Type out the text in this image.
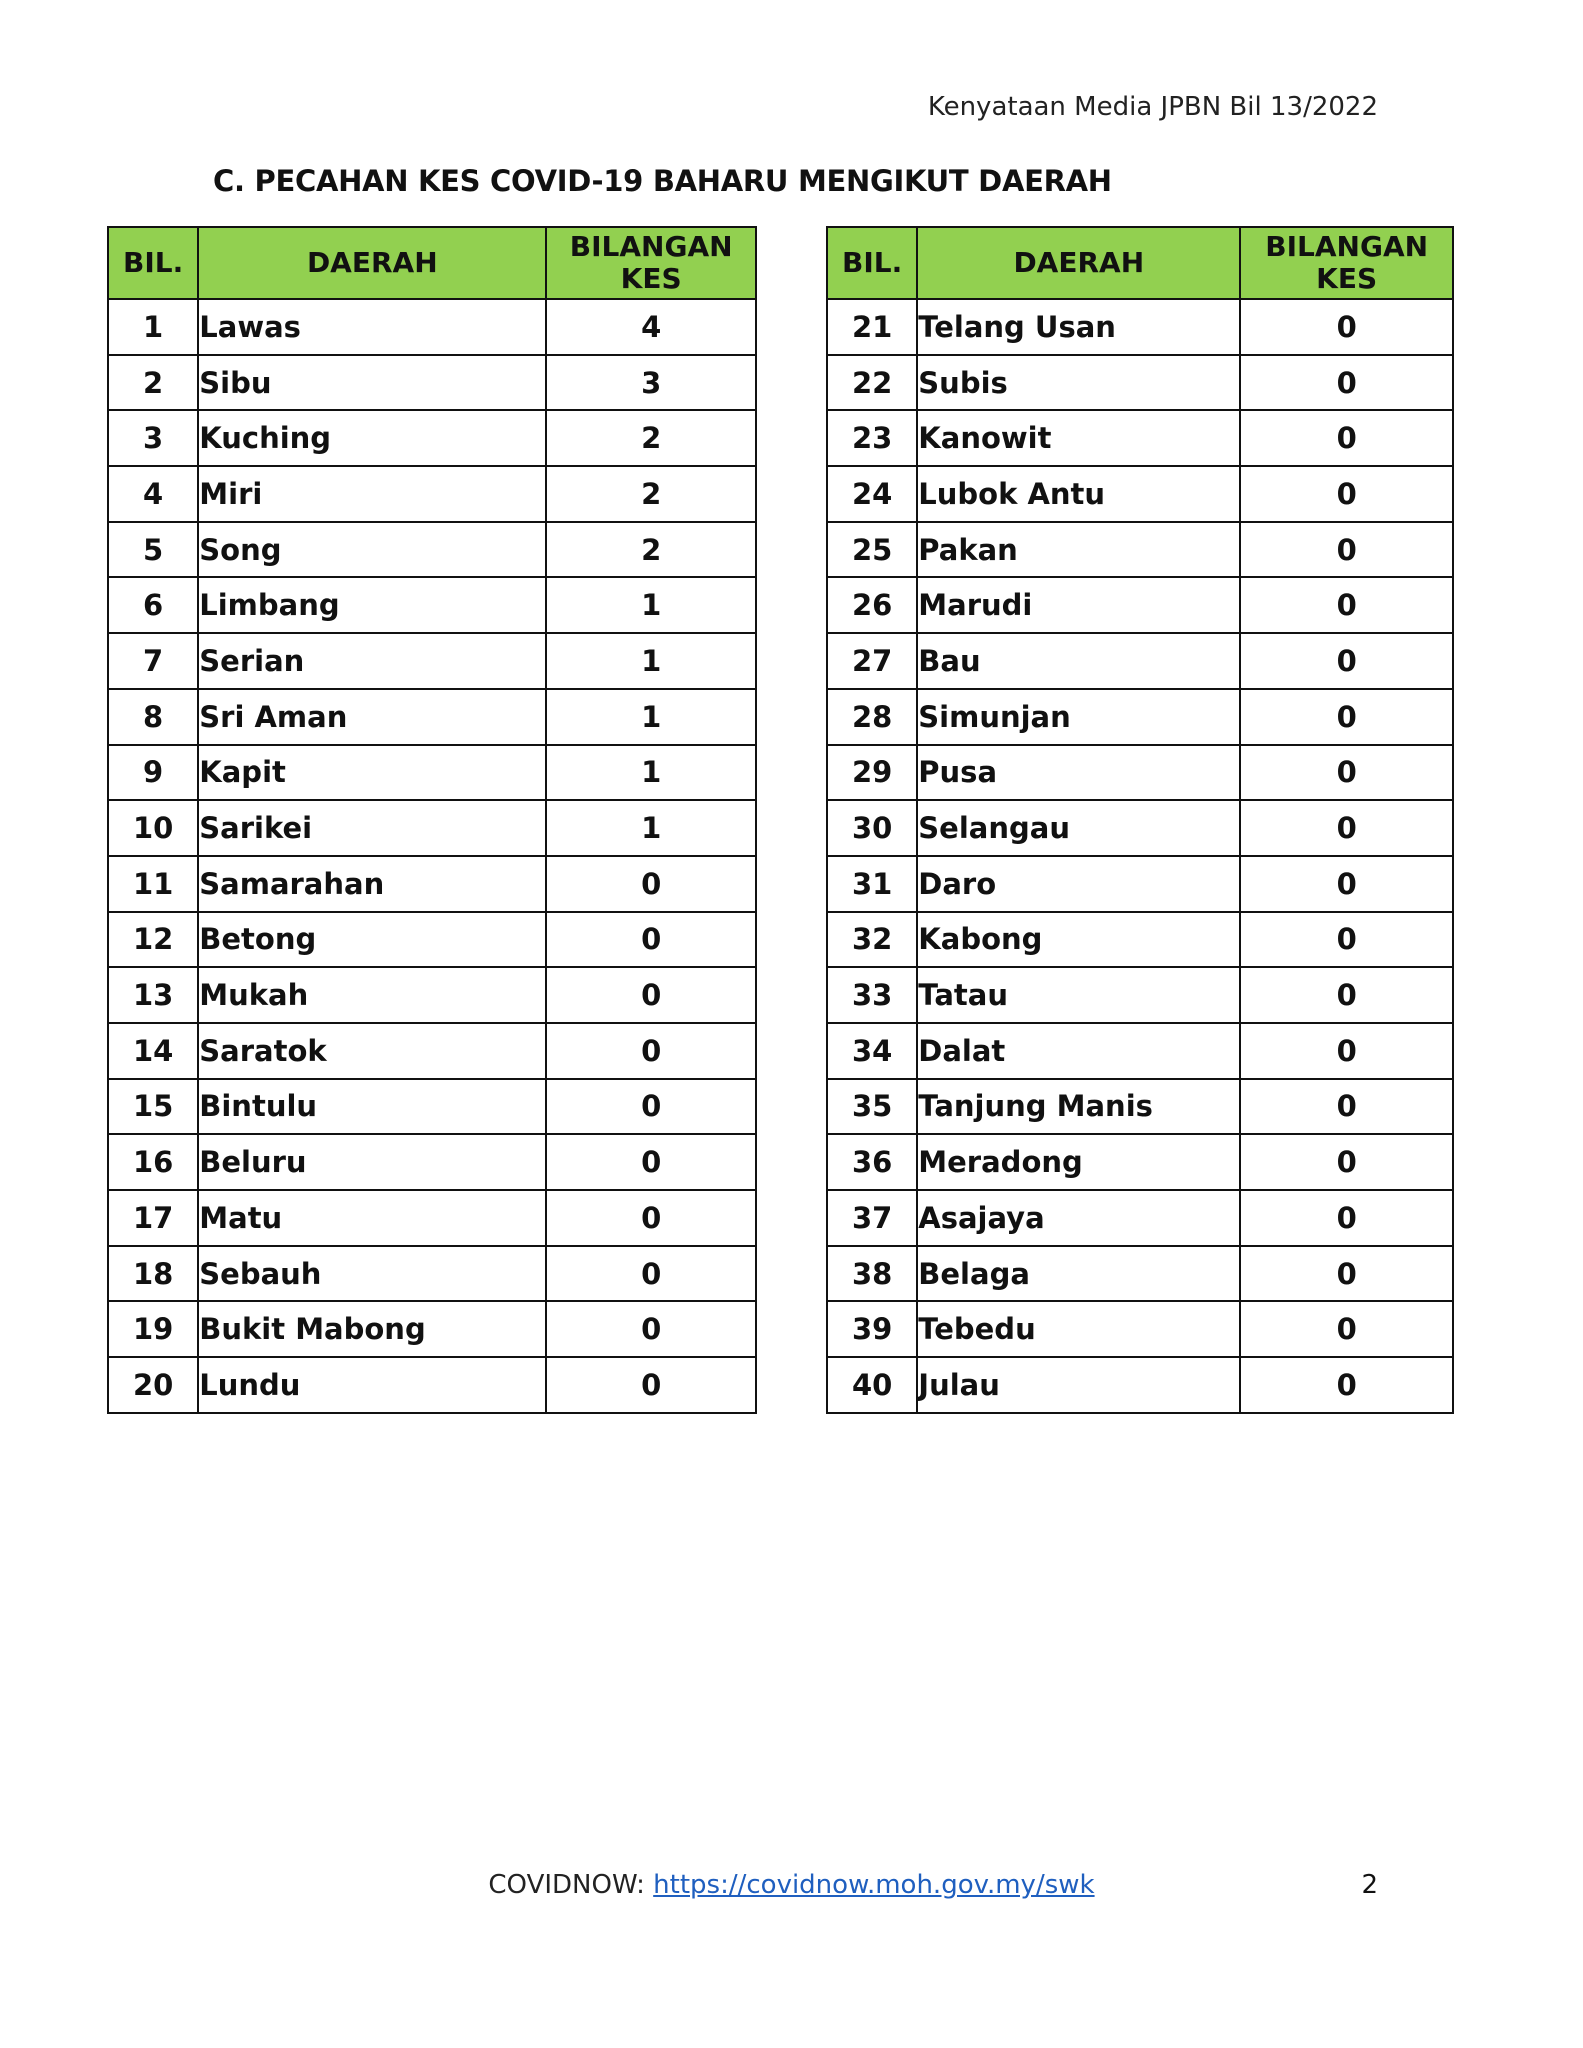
Kenyataan Media JPBN Bil 13/2022
C. PECAHAN KES COVID-19 BAHARU MENGIKUT DAERAH
BIL.	DAERAH	BILANGAN
KES
1	Lawas	4
2	Sibu	3
3	Kuching	2
4	Miri	2
5	Song	2
6	Limbang	1
7	Serian	1
8	Sri Aman	1
9	Kapit	1
10	Sarikei	1
11	Samarahan	0
12	Betong	0
13	Mukah	0
14	Saratok	0
15	Bintulu	0
16	Beluru	0
17	Matu	0
18	Sebauh	0
19	Bukit Mabong	0
20	Lundu	0
BIL.	DAERAH	BILANGAN
KES
21	Telang Usan	0
22	Subis	0
23	Kanowit	0
24	Lubok Antu	0
25	Pakan	0
26	Marudi	0
27	Bau	0
28	Simunjan	0
29	Pusa	0
30	Selangau	0
31	Daro	0
32	Kabong	0
33	Tatau	0
34	Dalat	0
35	Tanjung Manis	0
36	Meradong	0
37	Asajaya	0
38	Belaga	0
39	Tebedu	0
40	Julau	0
COVIDNOW: https://covidnow.moh.gov.my/swk	2
